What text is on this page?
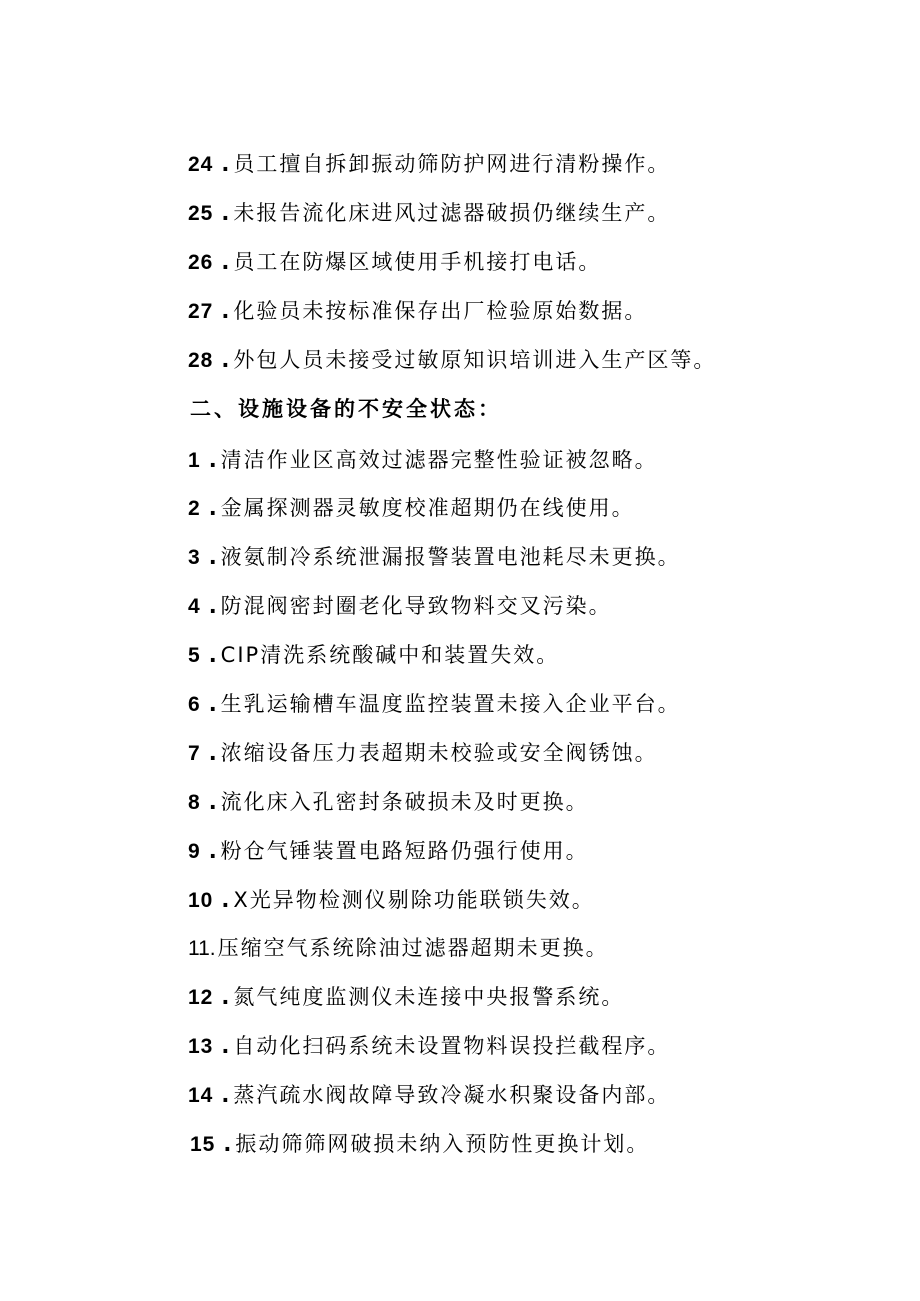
24 .员工擅自拆卸振动筛防护网进行清粉操作。
25 .未报告流化床进风过滤器破损仍继续生产。
26 .员工在防爆区域使用手机接打电话。
27 .化验员未按标准保存出厂检验原始数据。
28 .外包人员未接受过敏原知识培训进入生产区等。
二、设施设备的不安全状态：
1 .清洁作业区高效过滤器完整性验证被忽略。
2 .金属探测器灵敏度校准超期仍在线使用。
3 .液氨制冷系统泄漏报警装置电池耗尽未更换。
4 .防混阀密封圈老化导致物料交叉污染。
5 .CIP清洗系统酸碱中和装置失效。
6 .生乳运输槽车温度监控装置未接入企业平台。
7 .浓缩设备压力表超期未校验或安全阀锈蚀。
8 .流化床入孔密封条破损未及时更换。
9 .粉仓气锤装置电路短路仍强行使用。
10 .X光异物检测仪剔除功能联锁失效。
11.压缩空气系统除油过滤器超期未更换。
12 .氮气纯度监测仪未连接中央报警系统。
13 .自动化扫码系统未设置物料误投拦截程序。
14 .蒸汽疏水阀故障导致冷凝水积聚设备内部。
15 .振动筛筛网破损未纳入预防性更换计划。
